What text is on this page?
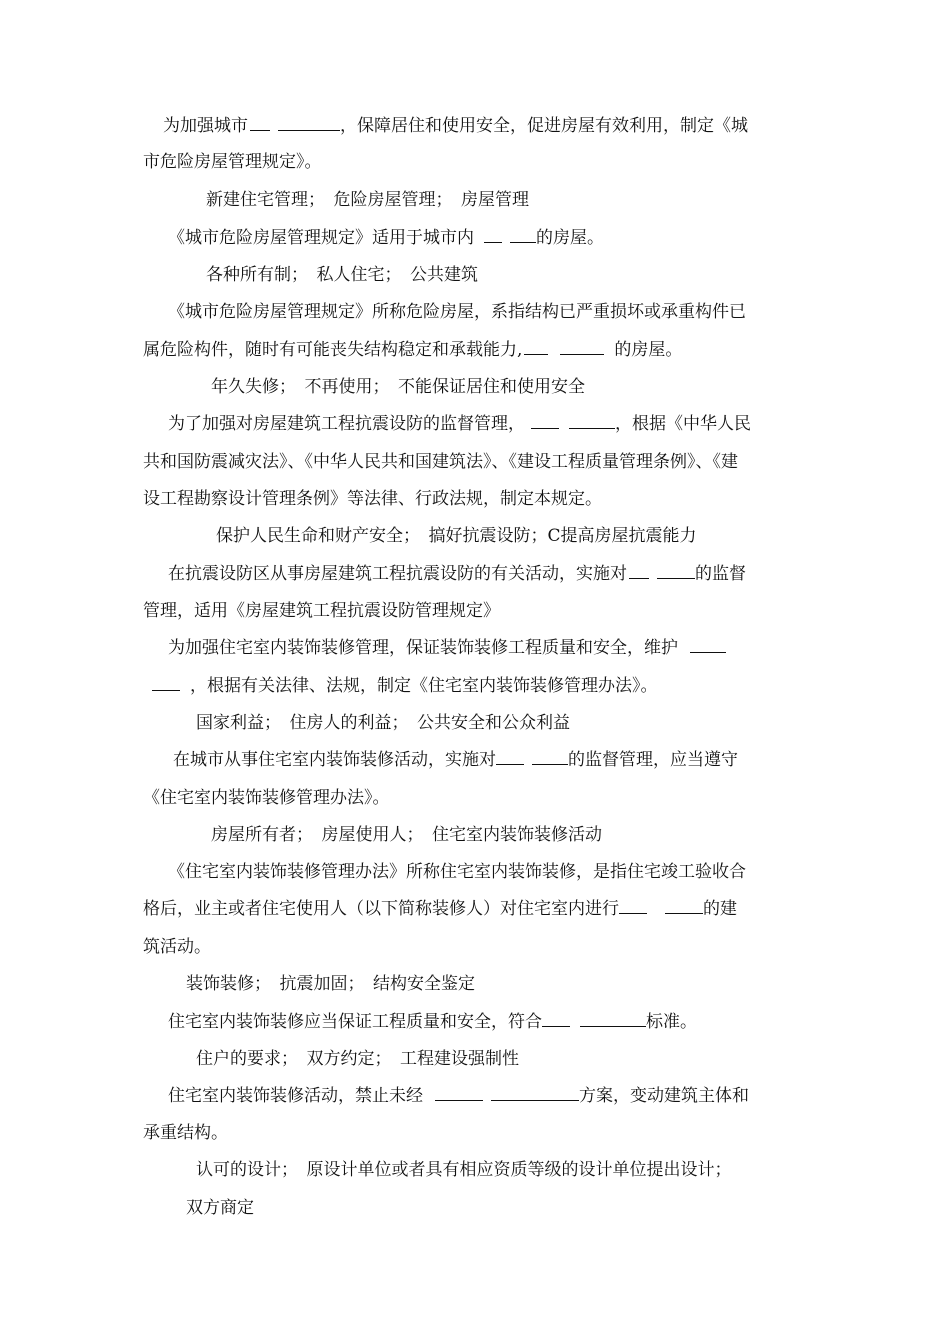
为加强城市	，保障居住和使用安全，促进房屋有效利用，制定《城
市危险房屋管理规定》。
新建住宅管理；　危险房屋管理；　房屋管理
《城市危险房屋管理规定》适用于城市内	的房屋。
各种所有制；　私人住宅；　公共建筑
《城市危险房屋管理规定》所称危险房屋，系指结构已严重损坏或承重构件已
属危险构件，随时有可能丧失结构稳定和承载能力,	的房屋。
年久失修；　不再使用；　不能保证居住和使用安全
为了加强对房屋建筑工程抗震设防的监督管理，	，根据《中华人民
共和国防震减灾法》、《中华人民共和国建筑法》、《建设工程质量管理条例》、《建
设工程勘察设计管理条例》等法律、行政法规，制定本规定。
保护人民生命和财产安全；　搞好抗震设防；C提高房屋抗震能力
在抗震设防区从事房屋建筑工程抗震设防的有关活动，实施对	的监督
管理，适用《房屋建筑工程抗震设防管理规定》
为加强住宅室内装饰装修管理，保证装饰装修工程质量和安全，维护
，根据有关法律、法规，制定《住宅室内装饰装修管理办法》。
国家利益；　住房人的利益；　公共安全和公众利益
在城市从事住宅室内装饰装修活动，实施对	的监督管理，应当遵守
《住宅室内装饰装修管理办法》。
房屋所有者；　房屋使用人；　住宅室内装饰装修活动
《住宅室内装饰装修管理办法》所称住宅室内装饰装修，是指住宅竣工验收合
格后，业主或者住宅使用人（以下简称装修人）对住宅室内进行	的建
筑活动。
装饰装修；　抗震加固；　结构安全鉴定
住宅室内装饰装修应当保证工程质量和安全，符合	标准。
住户的要求；　双方约定；　工程建设强制性
住宅室内装饰装修活动，禁止未经	方案，变动建筑主体和
承重结构。
认可的设计；　原设计单位或者具有相应资质等级的设计单位提出设计；
双方商定
